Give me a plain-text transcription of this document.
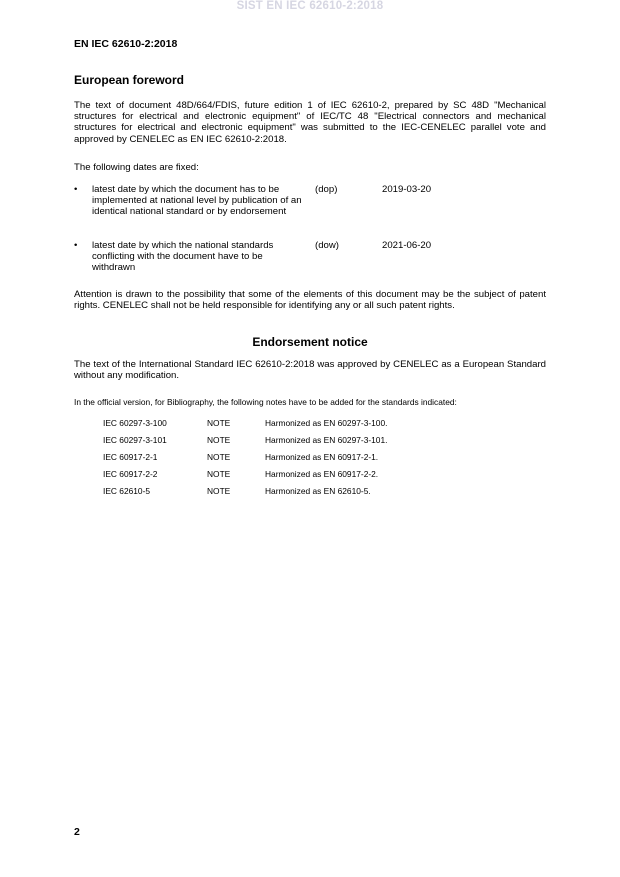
SIST EN IEC 62610-2:2018
EN IEC 62610-2:2018
European foreword
The text of document 48D/664/FDIS, future edition 1 of IEC 62610-2, prepared by SC 48D "Mechanical structures for electrical and electronic equipment" of IEC/TC 48 "Electrical connectors and mechanical structures for electrical and electronic equipment" was submitted to the IEC-CENELEC parallel vote and approved by CENELEC as EN IEC 62610-2:2018.
The following dates are fixed:
• latest date by which the document has to be implemented at national level by publication of an identical national standard or by endorsement
(dop)	2019-03-20
• latest date by which the national standards conflicting with the document have to be withdrawn
(dow)	2021-06-20
Attention is drawn to the possibility that some of the elements of this document may be the subject of patent rights. CENELEC shall not be held responsible for identifying any or all such patent rights.
Endorsement notice
The text of the International Standard IEC 62610-2:2018 was approved by CENELEC as a European Standard without any modification.
In the official version, for Bibliography, the following notes have to be added for the standards indicated:
IEC 60297-3-100	NOTE	Harmonized as EN 60297-3-100.
IEC 60297-3-101	NOTE	Harmonized as EN 60297-3-101.
IEC 60917-2-1	NOTE	Harmonized as EN 60917-2-1.
IEC 60917-2-2	NOTE	Harmonized as EN 60917-2-2.
IEC 62610-5	NOTE	Harmonized as EN 62610-5.
2
